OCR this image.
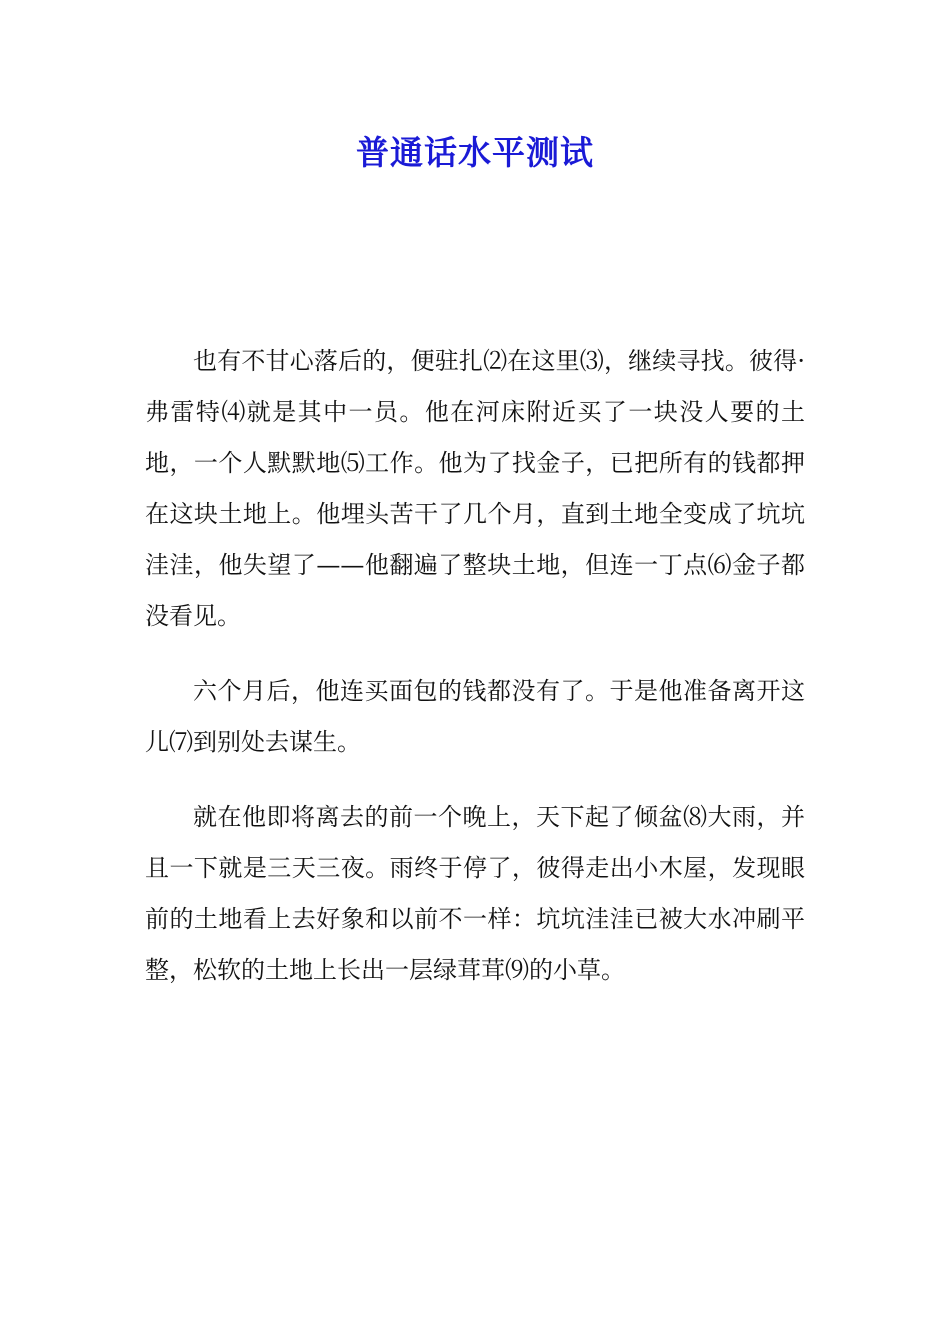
普通话水平测试

也有不甘心落后的，便驻扎⑵在这里⑶，继续寻找。彼得·弗雷特⑷就是其中一员。他在河床附近买了一块没人要的土地，一个人默默地⑸工作。他为了找金子，已把所有的钱都押在这块土地上。他埋头苦干了几个月，直到土地全变成了坑坑洼洼，他失望了——他翻遍了整块土地，但连一丁点⑹金子都没看见。

六个月后，他连买面包的钱都没有了。于是他准备离开这儿⑺到别处去谋生。

就在他即将离去的前一个晚上，天下起了倾盆⑻大雨，并且一下就是三天三夜。雨终于停了，彼得走出小木屋，发现眼前的土地看上去好象和以前不一样：坑坑洼洼已被大水冲刷平整，松软的土地上长出一层绿茸茸⑼的小草。
